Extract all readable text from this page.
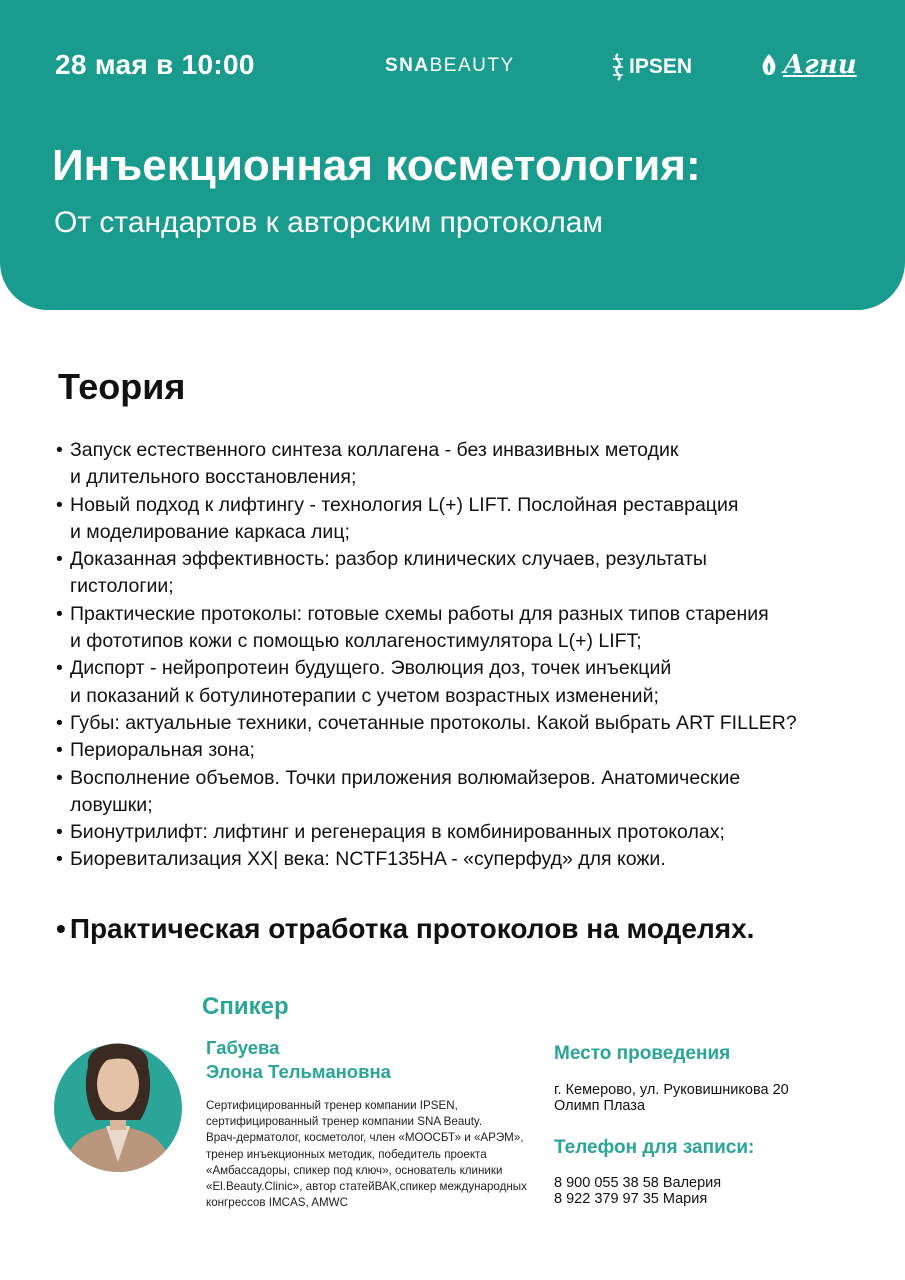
28 мая в 10:00	SNABEAUTY	IPSEN	Агни
Инъекционная косметология:
От стандартов к авторским протоколам
Теория
• Запуск естественного синтеза коллагена - без инвазивных методик
и длительного восстановления;
• Новый подход к лифтингу - технология L(+) LIFT. Послойная реставрация
и моделирование каркаса лиц;
• Доказанная эффективность: разбор клинических случаев, результаты
гистологии;
• Практические протоколы: готовые схемы работы для разных типов старения
и фототипов кожи с помощью коллагеностимулятора L(+) LIFT;
• Диспорт - нейропротеин будущего. Эволюция доз, точек инъекций
и показаний к ботулинотерапии с учетом возрастных изменений;
• Губы: актуальные техники, сочетанные протоколы. Какой выбрать ART FILLER?
• Периоральная зона;
• Восполнение объемов. Точки приложения волюмайзеров. Анатомические
ловушки;
• Бионутрилифт: лифтинг и регенерация в комбинированных протоколах;
• Биоревитализация XX| века: NCTF135HA - «суперфуд» для кожи.
• Практическая отработка протоколов на моделях.
Спикер
Габуева
Элона Тельмановна
Сертифицированный тренер компании IPSEN,
сертифицированный тренер компании SNA Beauty.
Врач-дерматолог, косметолог, член «МООСБТ» и «АРЭМ»,
тренер инъекционных методик, победитель проекта
«Амбассадоры, спикер под ключ», основатель клиники
«El.Beauty.Clinic», автор статейВАК,спикер международных
конгрессов IMCAS, AMWC
Место проведения
г. Кемерово, ул. Руковишникова 20
Олимп Плаза
Телефон для записи:
8 900 055 38 58 Валерия
8 922 379 97 35 Мария
